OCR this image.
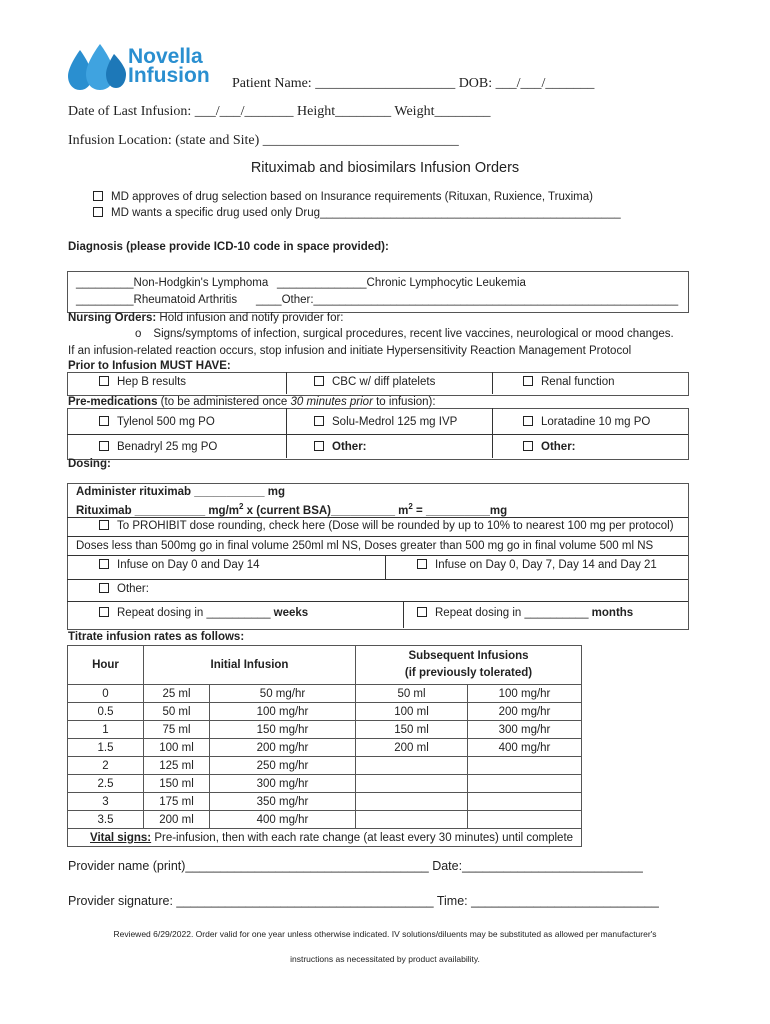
Novella
Infusion Patient Name: ____________________ DOB: ___/___/_______
Date of Last Infusion: ___/___/_______ Height________ Weight________
Infusion Location: (state and Site) ____________________________
Rituximab and biosimilars Infusion Orders
MD approves of drug selection based on Insurance requirements (Rituxan, Ruxience, Truxima)
MD wants a specific drug used only Drug_______________________________________________
Diagnosis (please provide ICD-10 code in space provided):
_________Non-Hodgkin's Lymphoma ______________Chronic Lymphocytic Leukemia
_________Rheumatoid Arthritis ____Other:_________________________________________________________
Nursing Orders: Hold infusion and notify provider for:
o Signs/symptoms of infection, surgical procedures, recent live vaccines, neurological or mood changes.
If an infusion-related reaction occurs, stop infusion and initiate Hypersensitivity Reaction Management Protocol
Prior to Infusion MUST HAVE:
Hep B results	CBC w/ diff platelets	Renal function
Pre-medications (to be administered once 30 minutes prior to infusion):
Tylenol 500 mg PO	Solu-Medrol 125 mg IVP	Loratadine 10 mg PO
Benadryl 25 mg PO	Other:	Other:
Dosing:
Administer rituximab ___________ mg
Rituximab ___________ $mg/m^2$ x (current BSA)__________ $m^2$ = __________mg
To PROHIBIT dose rounding, check here (Dose will be rounded by up to 10% to nearest 100 mg per protocol)
Doses less than 500mg go in final volume 250ml ml NS, Doses greater than 500 mg go in final volume 500 ml NS
Infuse on Day 0 and Day 14	Infuse on Day 0, Day 7, Day 14 and Day 21
Other:
Repeat dosing in __________ weeks	Repeat dosing in __________ months
Titrate infusion rates as follows:
Hour	Initial Infusion		Subsequent Infusions
(if previously tolerated)	
0	25 ml	50 mg/hr	50 ml	100 mg/hr
0.5	50 ml	100 mg/hr	100 ml	200 mg/hr
1	75 ml	150 mg/hr	150 ml	300 mg/hr
1.5	100 ml	200 mg/hr	200 ml	400 mg/hr
2	125 ml	250 mg/hr		
2.5	150 ml	300 mg/hr		
3	175 ml	350 mg/hr		
3.5	200 ml	400 mg/hr		
Vital signs: Pre-infusion, then with each rate change (at least every 30 minutes) until complete				
Provider name (print)___________________________________ Date:__________________________
Provider signature: _____________________________________ Time: ___________________________
Reviewed 6/29/2022. Order valid for one year unless otherwise indicated. IV solutions/diluents may be substituted as allowed per manufacturer's
instructions as necessitated by product availability.
